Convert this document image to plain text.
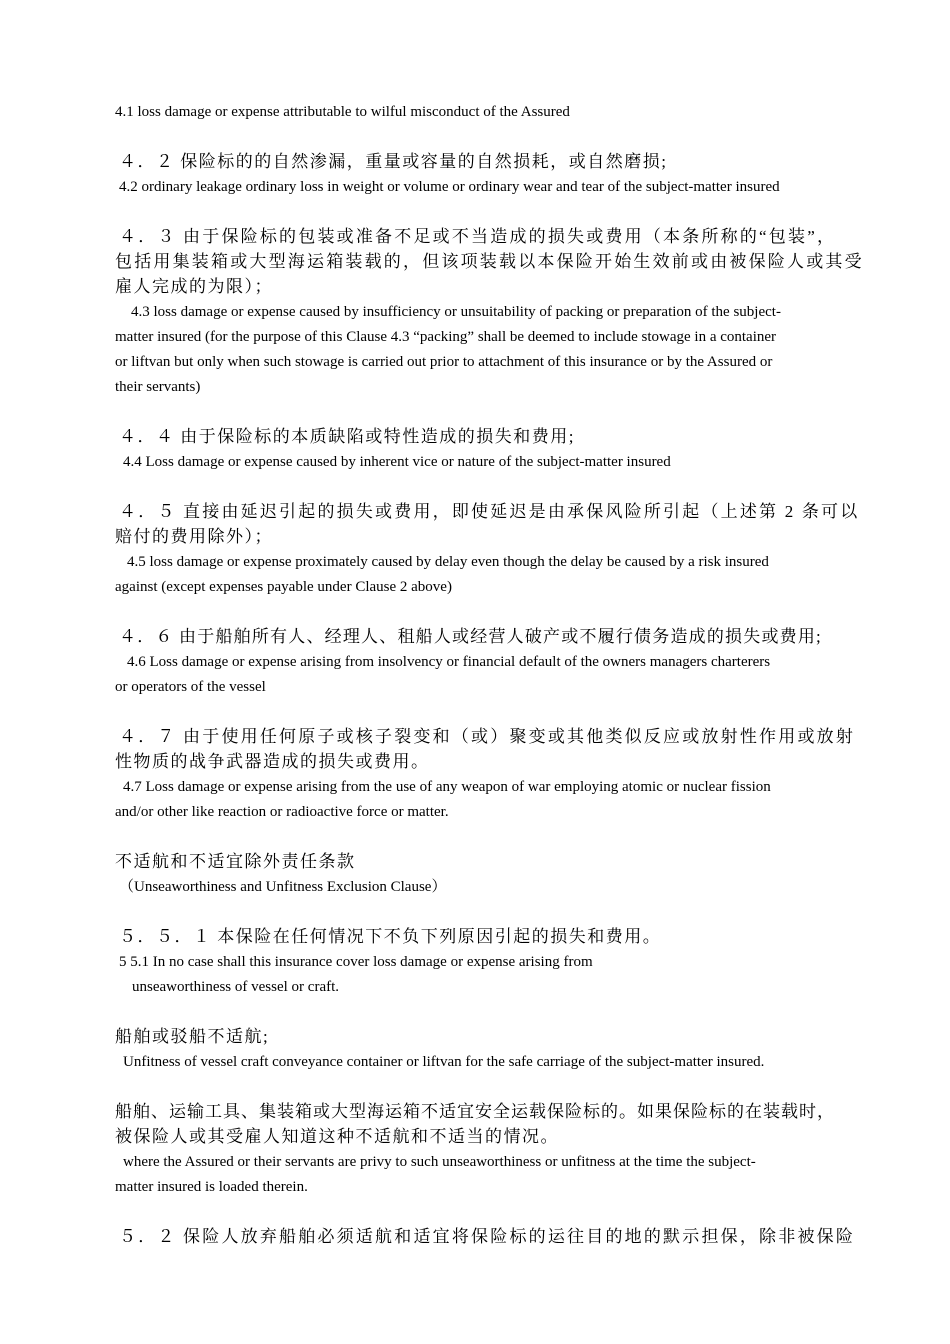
4.1 loss damage or expense attributable to wilful misconduct of the Assured
４．２ 保险标的的自然渗漏，重量或容量的自然损耗，或自然磨损;
4.2 ordinary leakage ordinary loss in weight or volume or ordinary wear and tear of the subject-matter insured
４．３ 由于保险标的包装或准备不足或不当造成的损失或费用（本条所称的“包装”，
包括用集装箱或大型海运箱装载的，但该项装载以本保险开始生效前或由被保险人或其受
雇人完成的为限）；
4.3 loss damage or expense caused by insufficiency or unsuitability of packing or preparation of the subject-
matter insured (for the purpose of this Clause 4.3 “packing” shall be deemed to include stowage in a container
or liftvan but only when such stowage is carried out prior to attachment of this insurance or by the Assured or
their servants)
４．４ 由于保险标的本质缺陷或特性造成的损失和费用;
4.4 Loss damage or expense caused by inherent vice or nature of the subject-matter insured
４．５ 直接由延迟引起的损失或费用，即使延迟是由承保风险所引起（上述第 2 条可以
赔付的费用除外）；
4.5 loss damage or expense proximately caused by delay even though the delay be caused by a risk insured
against (except expenses payable under Clause 2 above)
４．６ 由于船舶所有人、经理人、租船人或经营人破产或不履行债务造成的损失或费用;
4.6 Loss damage or expense arising from insolvency or financial default of the owners managers charterers
or operators of the vessel
４．７ 由于使用任何原子或核子裂变和（或）聚变或其他类似反应或放射性作用或放射
性物质的战争武器造成的损失或费用。
4.7 Loss damage or expense arising from the use of any weapon of war employing atomic or nuclear fission
and/or other like reaction or radioactive force or matter.
不适航和不适宜除外责任条款
（Unseaworthiness and Unfitness Exclusion Clause）
５．５．１ 本保险在任何情况下不负下列原因引起的损失和费用。
5 5.1 In no case shall this insurance cover loss damage or expense arising from
unseaworthiness of vessel or craft.
船舶或驳船不适航;
Unfitness of vessel craft conveyance container or liftvan for the safe carriage of the subject-matter insured.
船舶、运输工具、集装箱或大型海运箱不适宜安全运载保险标的。如果保险标的在装载时，
被保险人或其受雇人知道这种不适航和不适当的情况。
where the Assured or their servants are privy to such unseaworthiness or unfitness at the time the subject-
matter insured is loaded therein.
５．２ 保险人放弃船舶必须适航和适宜将保险标的运往目的地的默示担保，除非被保险
